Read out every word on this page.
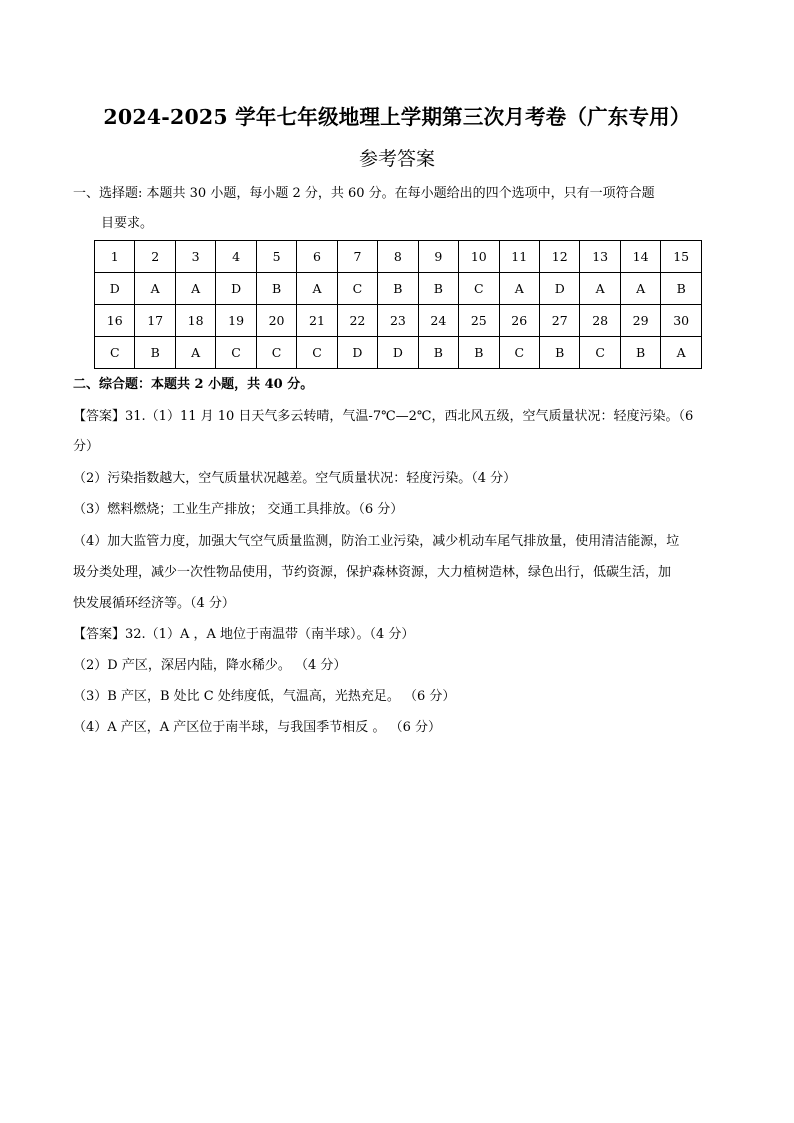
2024-2025 学年七年级地理上学期第三次月考卷（广东专用）
参考答案
一、选择题: 本题共 30 小题，每小题 2 分，共 60 分。在每小题给出的四个选项中，只有一项符合题
目要求。
1	2	3	4	5	6	7	8	9	10	11	12	13	14	15
D	A	A	D	B	A	C	B	B	C	A	D	A	A	B
16	17	18	19	20	21	22	23	24	25	26	27	28	29	30
C	B	A	C	C	C	D	D	B	B	C	B	C	B	A
二、综合题：本题共 2 小题，共 40 分。
【答案】31.（1）11 月 10 日天气多云转晴，气温-7℃—2℃，西北风五级，空气质量状况：轻度污染。（6
分）
（2）污染指数越大，空气质量状况越差。空气质量状况：轻度污染。（4 分）
（3）燃料燃烧；工业生产排放； 交通工具排放。（6 分）
（4）加大监管力度，加强大气空气质量监测，防治工业污染，减少机动车尾气排放量，使用清洁能源，垃
圾分类处理，减少一次性物品使用，节约资源，保护森林资源，大力植树造林，绿色出行，低碳生活，加
快发展循环经济等。（4 分）
【答案】32.（1）A ，A 地位于南温带（南半球）。（4 分）
（2）D 产区，深居内陆，降水稀少。 （4 分）
（3）B 产区，B 处比 C 处纬度低，气温高，光热充足。 （6 分）
（4）A 产区，A 产区位于南半球，与我国季节相反 。 （6 分）
